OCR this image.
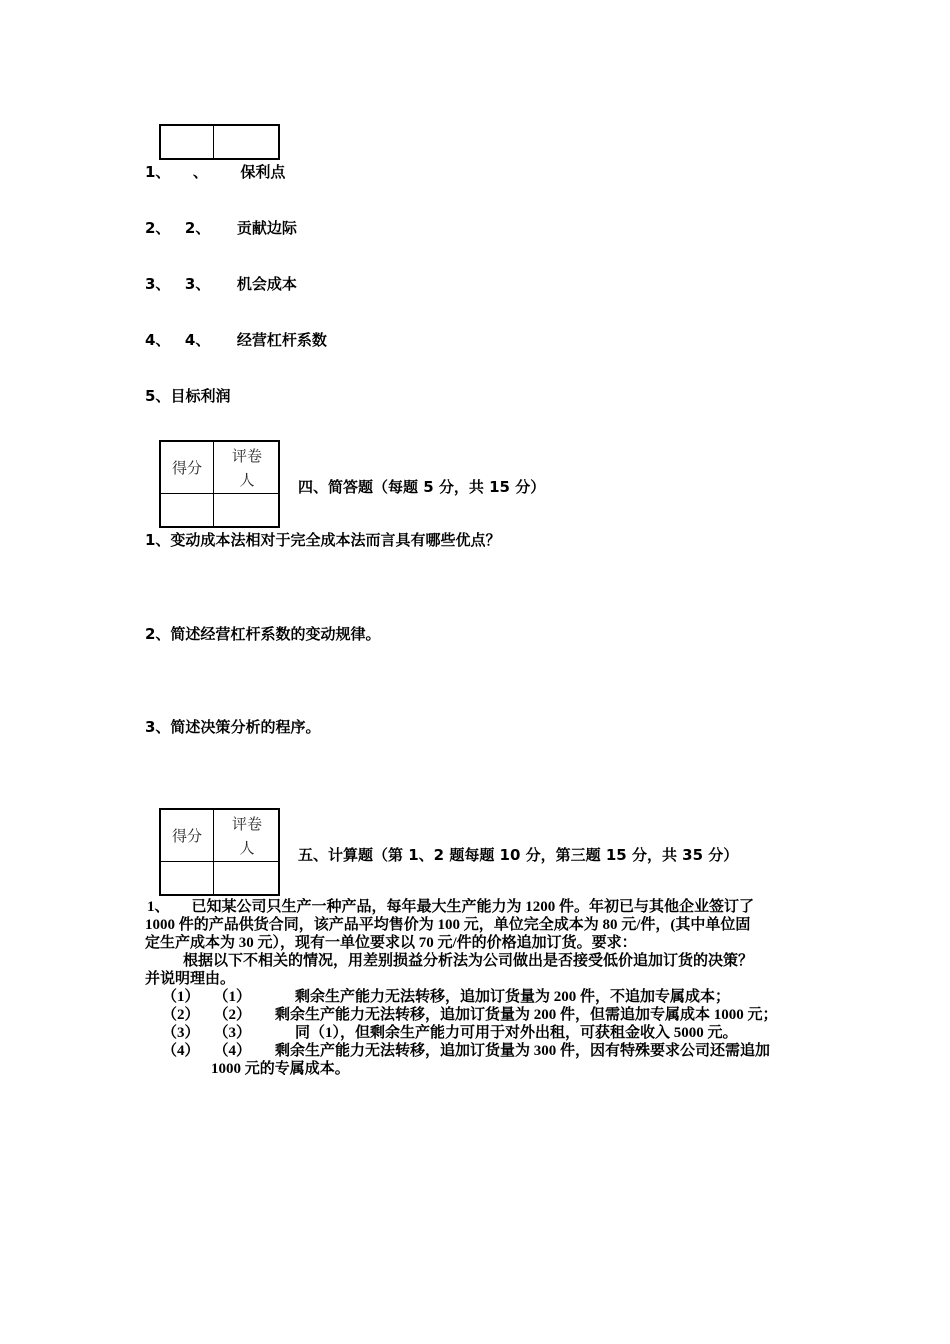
1、 、 保利点
2、 2、 贡献边际
3、 3、 机会成本
4、 4、 经营杠杆系数
5、目标利润
得分
评卷
人	四、简答题（每题 5 分，共 15 分）
1、变动成本法相对于完全成本法而言具有哪些优点？
2、简述经营杠杆系数的变动规律。
3、简述决策分析的程序。
得分
评卷
人	五、计算题（第 1、2 题每题 10 分，第三题 15 分，共 35 分）
1、 已知某公司只生产一种产品，每年最大生产能力为 1200 件。年初已与其他企业签订了
1000 件的产品供货合同，该产品平均售价为 100 元，单位完全成本为 80 元/件，(其中单位固
定生产成本为 30 元），现有一单位要求以 70 元/件的价格追加订货。要求：
根据以下不相关的情况，用差别损益分析法为公司做出是否接受低价追加订货的决策？
并说明理由。
（1） （1）	剩余生产能力无法转移，追加订货量为 200 件，不追加专属成本；
（2） （2） 剩余生产能力无法转移，追加订货量为 200 件，但需追加专属成本 1000 元；
（3） （3）	同（1），但剩余生产能力可用于对外出租，可获租金收入 5000 元。
（4） （4） 剩余生产能力无法转移，追加订货量为 300 件，因有特殊要求公司还需追加
1000 元的专属成本。
